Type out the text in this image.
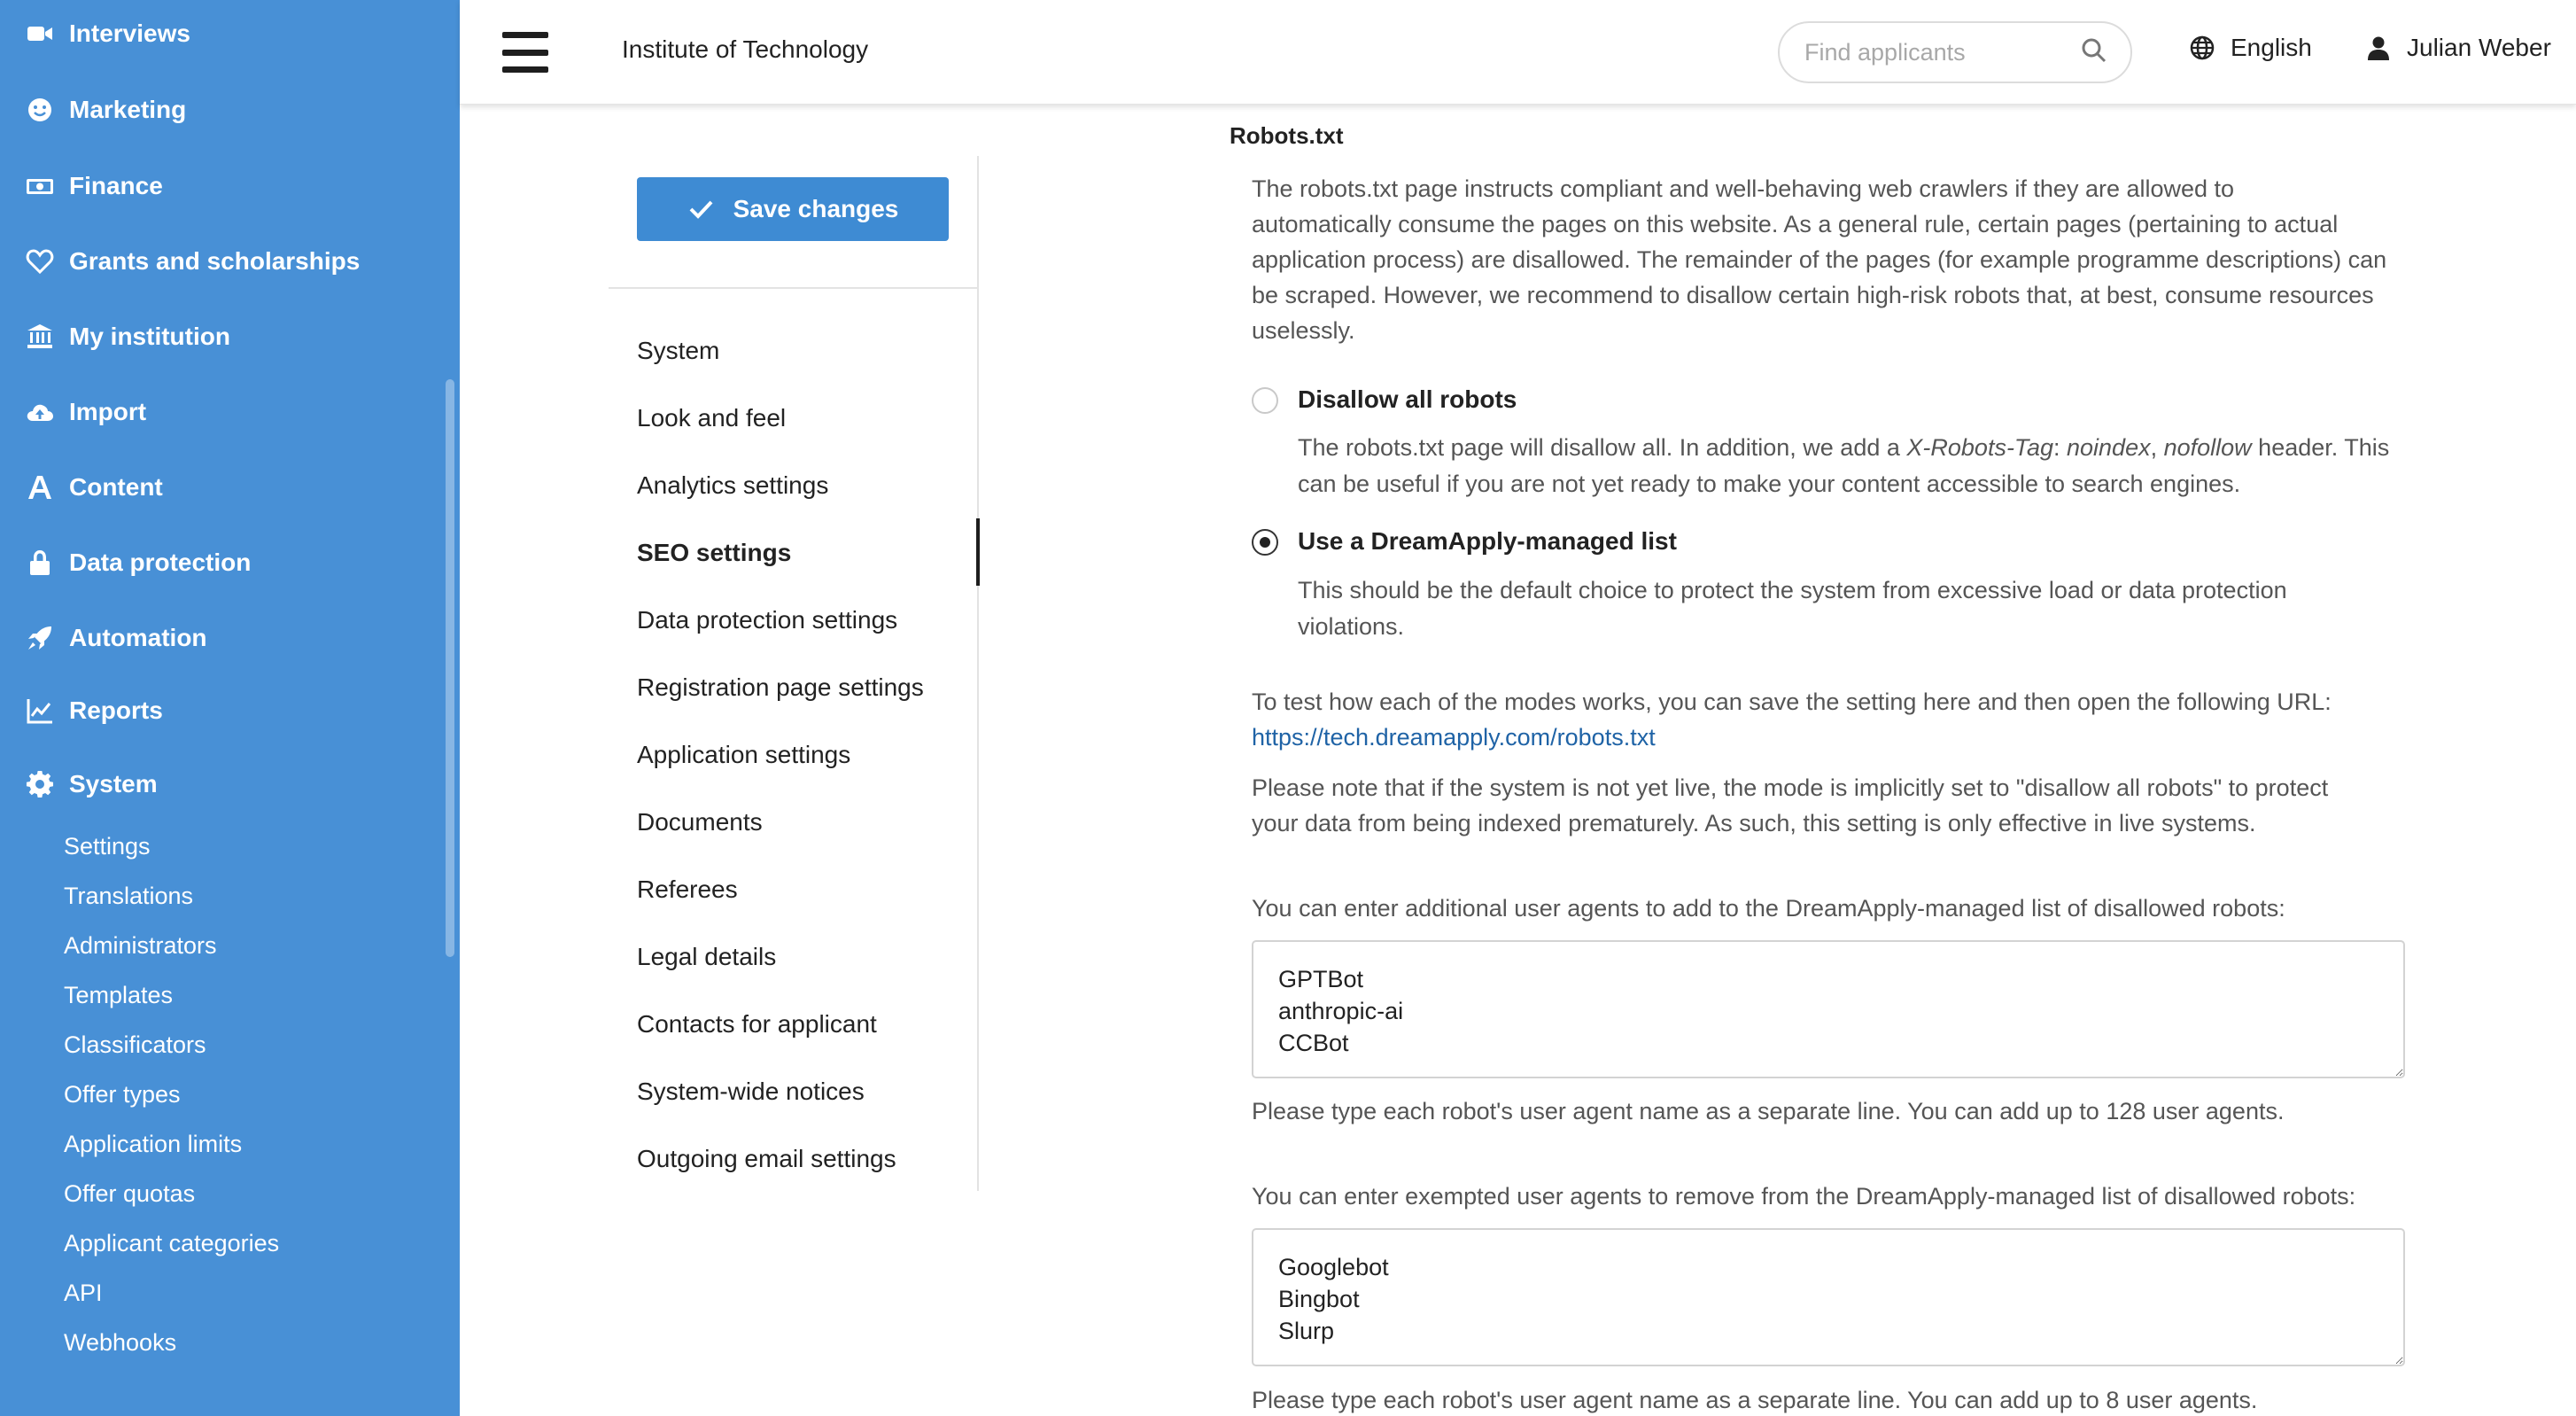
Interviews
Marketing
Finance
Grants and scholarships
My institution
Import
Content
Data protection
Automation
Reports
System
Settings
Translations
Administrators
Templates
Classificators
Offer types
Application limits
Offer quotas
Applicant categories
API
Webhooks
Institute of Technology
Find applicants	English	Julian Weber
Save changes
System
Look and feel
Analytics settings
SEO settings
Data protection settings
Registration page settings
Application settings
Documents
Referees
Legal details
Contacts for applicant
System-wide notices
Outgoing email settings
Robots.txt
The robots.txt page instructs compliant and well-behaving web crawlers if they are allowed to
automatically consume the pages on this website. As a general rule, certain pages (pertaining to actual
application process) are disallowed. The remainder of the pages (for example programme descriptions) can
be scraped. However, we recommend to disallow certain high-risk robots that, at best, consume resources
uselessly.
Disallow all robots
The robots.txt page will disallow all. In addition, we add a X-Robots-Tag: noindex, nofollow header. This
can be useful if you are not yet ready to make your content accessible to search engines.
Use a DreamApply-managed list
This should be the default choice to protect the system from excessive load or data protection
violations.
To test how each of the modes works, you can save the setting here and then open the following URL:
https://tech.dreamapply.com/robots.txt
Please note that if the system is not yet live, the mode is implicitly set to "disallow all robots" to protect
your data from being indexed prematurely. As such, this setting is only effective in live systems.
You can enter additional user agents to add to the DreamApply-managed list of disallowed robots:
GPTBot anthropic-ai CCBot
Please type each robot's user agent name as a separate line. You can add up to 128 user agents.
You can enter exempted user agents to remove from the DreamApply-managed list of disallowed robots:
Googlebot Bingbot Slurp
Please type each robot's user agent name as a separate line. You can add up to 8 user agents.
